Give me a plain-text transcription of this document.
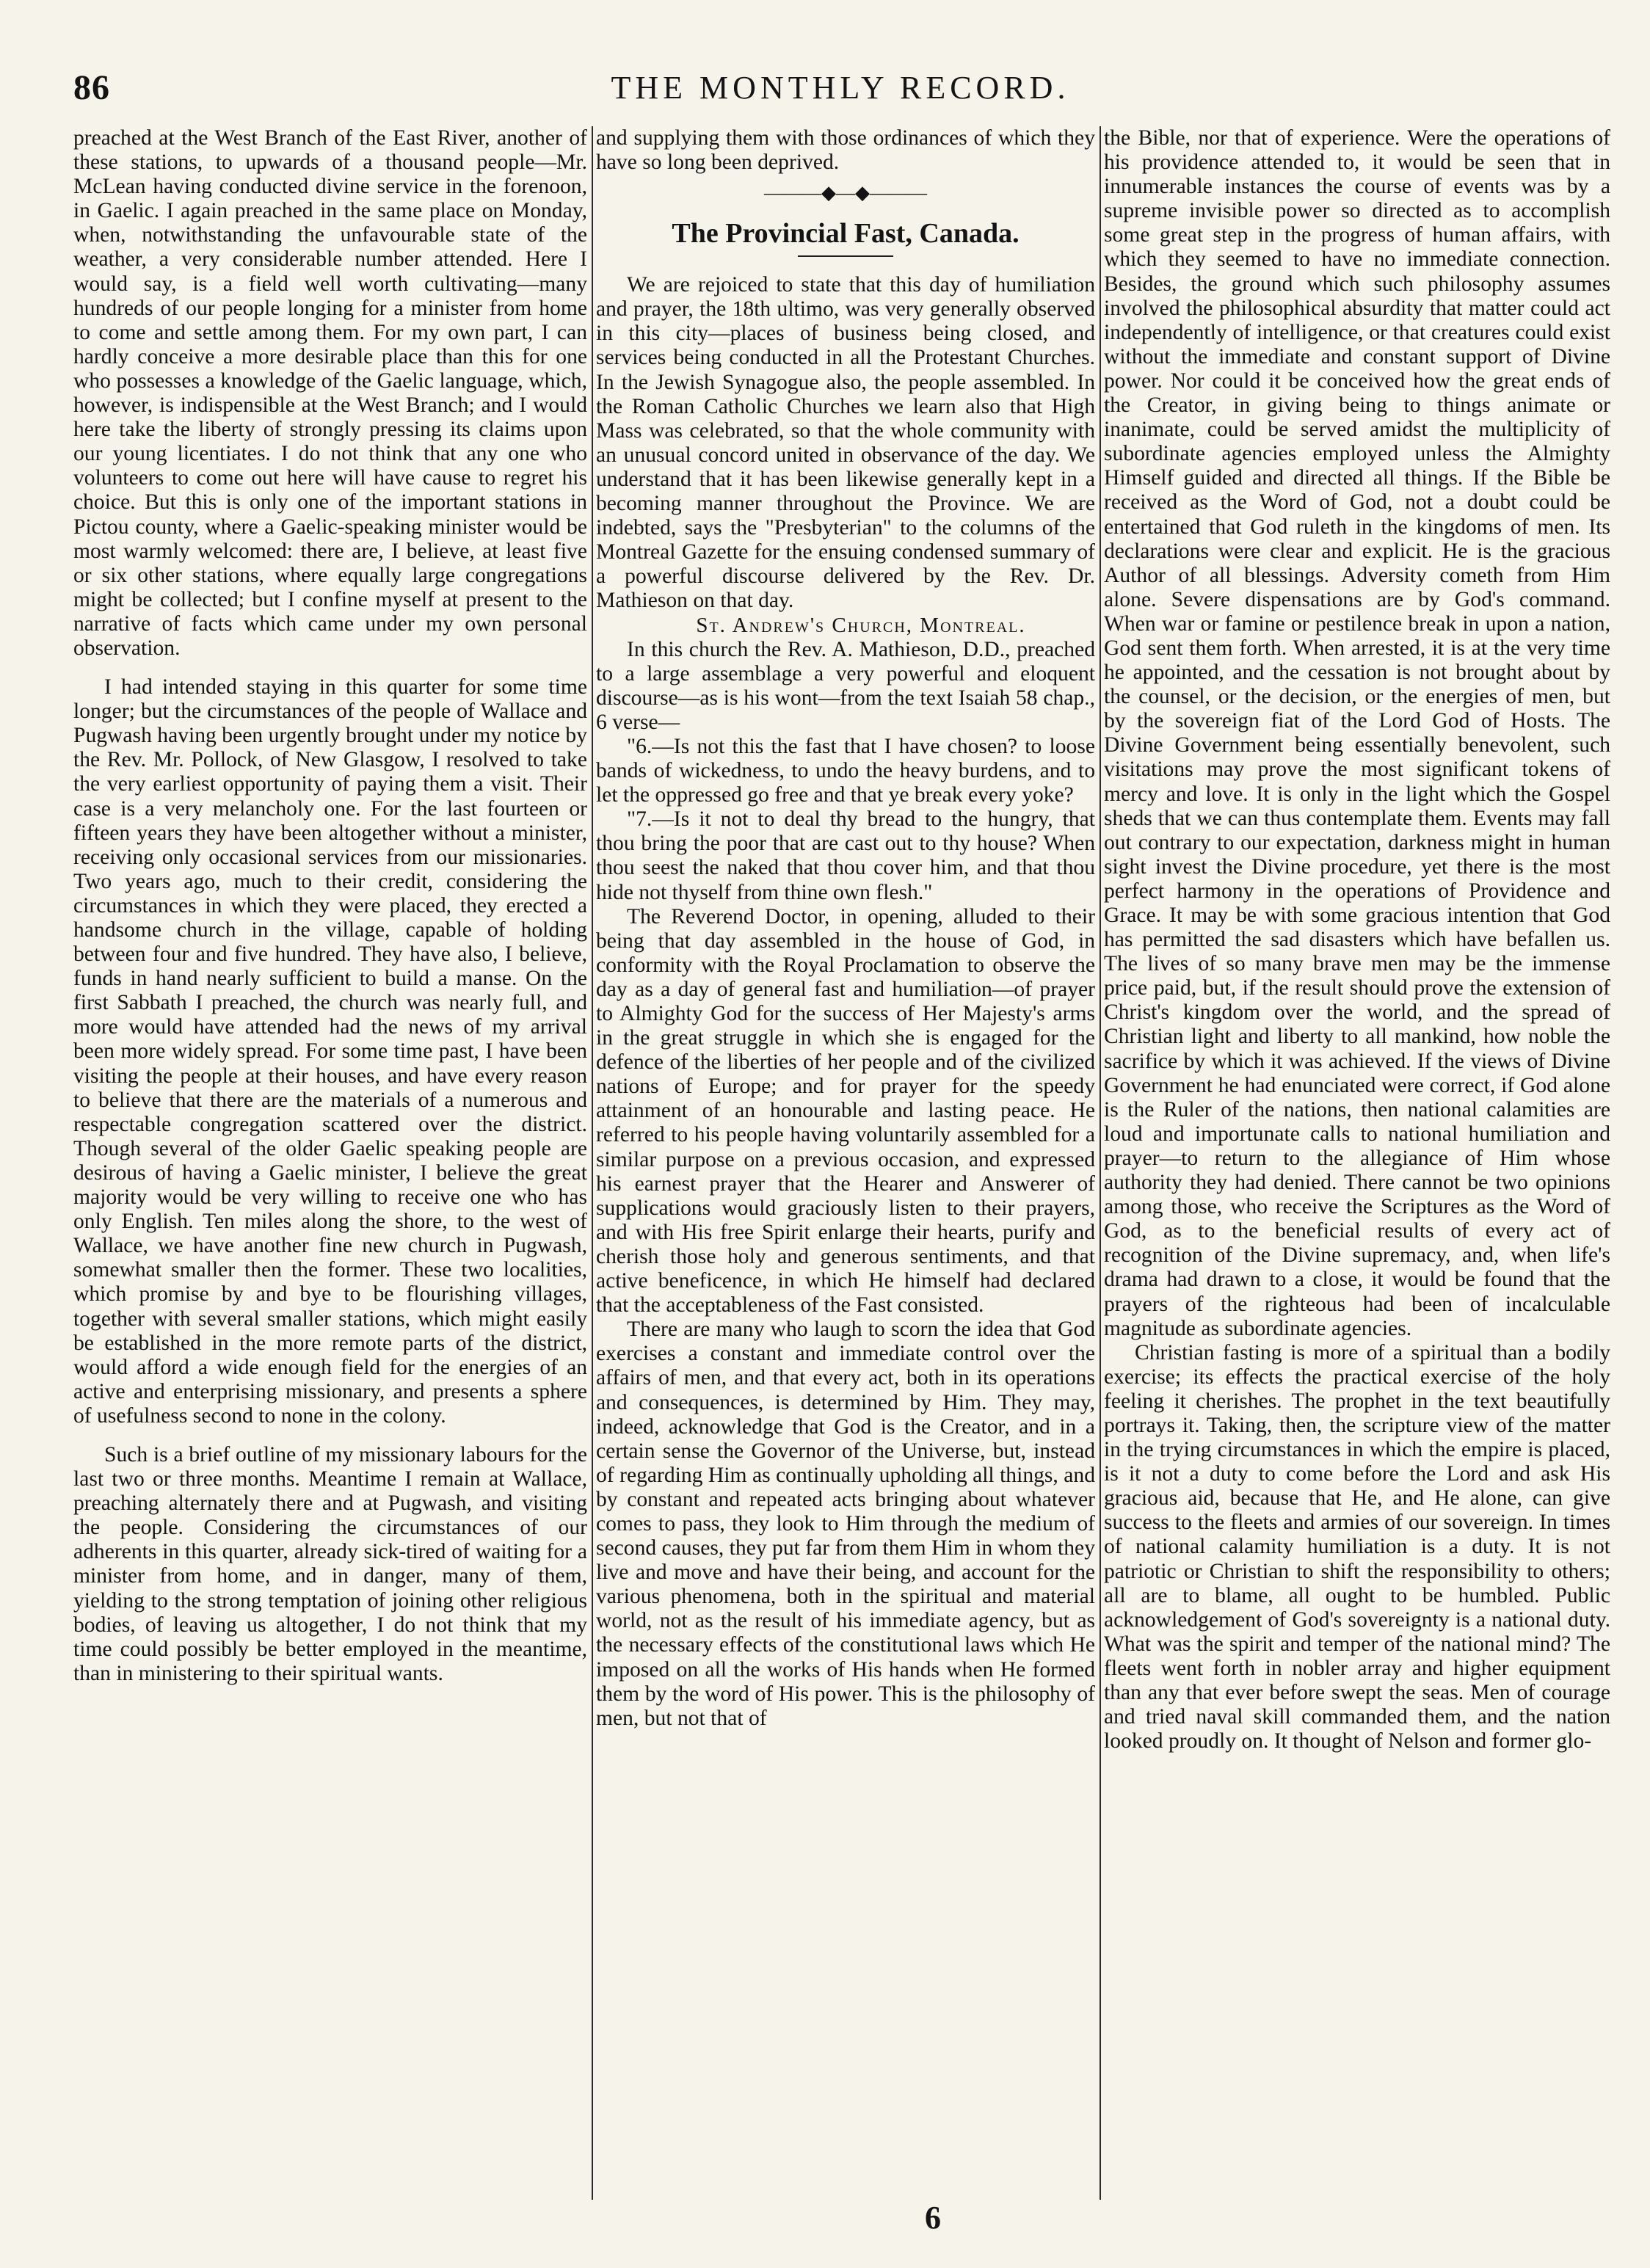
86	THE MONTHLY RECORD.

preached at the West Branch of the East River, another of these stations, to upwards of a thousand people—Mr. McLean having conducted divine service in the forenoon, in Gaelic. I again preached in the same place on Monday, when, notwithstanding the unfavourable state of the weather, a very considerable number attended. Here I would say, is a field well worth cultivating—many hundreds of our people longing for a minister from home to come and settle among them. For my own part, I can hardly conceive a more desirable place than this for one who possesses a knowledge of the Gaelic language, which, however, is indispensible at the West Branch; and I would here take the liberty of strongly pressing its claims upon our young licentiates. I do not think that any one who volunteers to come out here will have cause to regret his choice. But this is only one of the important stations in Pictou county, where a Gaelic-speaking minister would be most warmly welcomed: there are, I believe, at least five or six other stations, where equally large congregations might be collected; but I confine myself at present to the narrative of facts which came under my own personal observation.

I had intended staying in this quarter for some time longer; but the circumstances of the people of Wallace and Pugwash having been urgently brought under my notice by the Rev. Mr. Pollock, of New Glasgow, I resolved to take the very earliest opportunity of paying them a visit. Their case is a very melancholy one. For the last fourteen or fifteen years they have been altogether without a minister, receiving only occasional services from our missionaries. Two years ago, much to their credit, considering the circumstances in which they were placed, they erected a handsome church in the village, capable of holding between four and five hundred. They have also, I believe, funds in hand nearly sufficient to build a manse. On the first Sabbath I preached, the church was nearly full, and more would have attended had the news of my arrival been more widely spread. For some time past, I have been visiting the people at their houses, and have every reason to believe that there are the materials of a numerous and respectable congregation scattered over the district. Though several of the older Gaelic speaking people are desirous of having a Gaelic minister, I believe the great majority would be very willing to receive one who has only English. Ten miles along the shore, to the west of Wallace, we have another fine new church in Pugwash, somewhat smaller then the former. These two localities, which promise by and bye to be flourishing villages, together with several smaller stations, which might easily be established in the more remote parts of the district, would afford a wide enough field for the energies of an active and enterprising missionary, and presents a sphere of usefulness second to none in the colony.

Such is a brief outline of my missionary labours for the last two or three months. Meantime I remain at Wallace, preaching alternately there and at Pugwash, and visiting the people. Considering the circumstances of our adherents in this quarter, already sick-tired of waiting for a minister from home, and in danger, many of them, yielding to the strong temptation of joining other religious bodies, of leaving us altogether, I do not think that my time could possibly be better employed in the meantime, than in ministering to their spiritual wants.

and supplying them with those ordinances of which they have so long been deprived.

———◆—◆———
The Provincial Fast, Canada.

We are rejoiced to state that this day of humiliation and prayer, the 18th ultimo, was very generally observed in this city—places of business being closed, and services being conducted in all the Protestant Churches. In the Jewish Synagogue also, the people assembled. In the Roman Catholic Churches we learn also that High Mass was celebrated, so that the whole community with an unusual concord united in observance of the day. We understand that it has been likewise generally kept in a becoming manner throughout the Province. We are indebted, says the "Presbyterian" to the columns of the Montreal Gazette for the ensuing condensed summary of a powerful discourse delivered by the Rev. Dr. Mathieson on that day.

St. Andrew's Church, Montreal.

In this church the Rev. A. Mathieson, D.D., preached to a large assemblage a very powerful and eloquent discourse—as is his wont—from the text Isaiah 58 chap., 6 verse—

"6.—Is not this the fast that I have chosen? to loose bands of wickedness, to undo the heavy burdens, and to let the oppressed go free and that ye break every yoke?

"7.—Is it not to deal thy bread to the hungry, that thou bring the poor that are cast out to thy house? When thou seest the naked that thou cover him, and that thou hide not thyself from thine own flesh."

The Reverend Doctor, in opening, alluded to their being that day assembled in the house of God, in conformity with the Royal Proclamation to observe the day as a day of general fast and humiliation—of prayer to Almighty God for the success of Her Majesty's arms in the great struggle in which she is engaged for the defence of the liberties of her people and of the civilized nations of Europe; and for prayer for the speedy attainment of an honourable and lasting peace. He referred to his people having voluntarily assembled for a similar purpose on a previous occasion, and expressed his earnest prayer that the Hearer and Answerer of supplications would graciously listen to their prayers, and with His free Spirit enlarge their hearts, purify and cherish those holy and generous sentiments, and that active beneficence, in which He himself had declared that the acceptableness of the Fast consisted.

There are many who laugh to scorn the idea that God exercises a constant and immediate control over the affairs of men, and that every act, both in its operations and consequences, is determined by Him. They may, indeed, acknowledge that God is the Creator, and in a certain sense the Governor of the Universe, but, instead of regarding Him as continually upholding all things, and by constant and repeated acts bringing about whatever comes to pass, they look to Him through the medium of second causes, they put far from them Him in whom they live and move and have their being, and account for the various phenomena, both in the spiritual and material world, not as the result of his immediate agency, but as the necessary effects of the constitutional laws which He imposed on all the works of His hands when He formed them by the word of His power. This is the philosophy of men, but not that of

the Bible, nor that of experience. Were the operations of his providence attended to, it would be seen that in innumerable instances the course of events was by a supreme invisible power so directed as to accomplish some great step in the progress of human affairs, with which they seemed to have no immediate connection. Besides, the ground which such philosophy assumes involved the philosophical absurdity that matter could act independently of intelligence, or that creatures could exist without the immediate and constant support of Divine power. Nor could it be conceived how the great ends of the Creator, in giving being to things animate or inanimate, could be served amidst the multiplicity of subordinate agencies employed unless the Almighty Himself guided and directed all things. If the Bible be received as the Word of God, not a doubt could be entertained that God ruleth in the kingdoms of men. Its declarations were clear and explicit. He is the gracious Author of all blessings. Adversity cometh from Him alone. Severe dispensations are by God's command. When war or famine or pestilence break in upon a nation, God sent them forth. When arrested, it is at the very time he appointed, and the cessation is not brought about by the counsel, or the decision, or the energies of men, but by the sovereign fiat of the Lord God of Hosts. The Divine Government being essentially benevolent, such visitations may prove the most significant tokens of mercy and love. It is only in the light which the Gospel sheds that we can thus contemplate them. Events may fall out contrary to our expectation, darkness might in human sight invest the Divine procedure, yet there is the most perfect harmony in the operations of Providence and Grace. It may be with some gracious intention that God has permitted the sad disasters which have befallen us. The lives of so many brave men may be the immense price paid, but, if the result should prove the extension of Christ's kingdom over the world, and the spread of Christian light and liberty to all mankind, how noble the sacrifice by which it was achieved. If the views of Divine Government he had enunciated were correct, if God alone is the Ruler of the nations, then national calamities are loud and importunate calls to national humiliation and prayer—to return to the allegiance of Him whose authority they had denied. There cannot be two opinions among those, who receive the Scriptures as the Word of God, as to the beneficial results of every act of recognition of the Divine supremacy, and, when life's drama had drawn to a close, it would be found that the prayers of the righteous had been of incalculable magnitude as subordinate agencies.

Christian fasting is more of a spiritual than a bodily exercise; its effects the practical exercise of the holy feeling it cherishes. The prophet in the text beautifully portrays it. Taking, then, the scripture view of the matter in the trying circumstances in which the empire is placed, is it not a duty to come before the Lord and ask His gracious aid, because that He, and He alone, can give success to the fleets and armies of our sovereign. In times of national calamity humiliation is a duty. It is not patriotic or Christian to shift the responsibility to others; all are to blame, all ought to be humbled. Public acknowledgement of God's sovereignty is a national duty. What was the spirit and temper of the national mind? The fleets went forth in nobler array and higher equipment than any that ever before swept the seas. Men of courage and tried naval skill commanded them, and the nation looked proudly on. It thought of Nelson and former glo-

6
